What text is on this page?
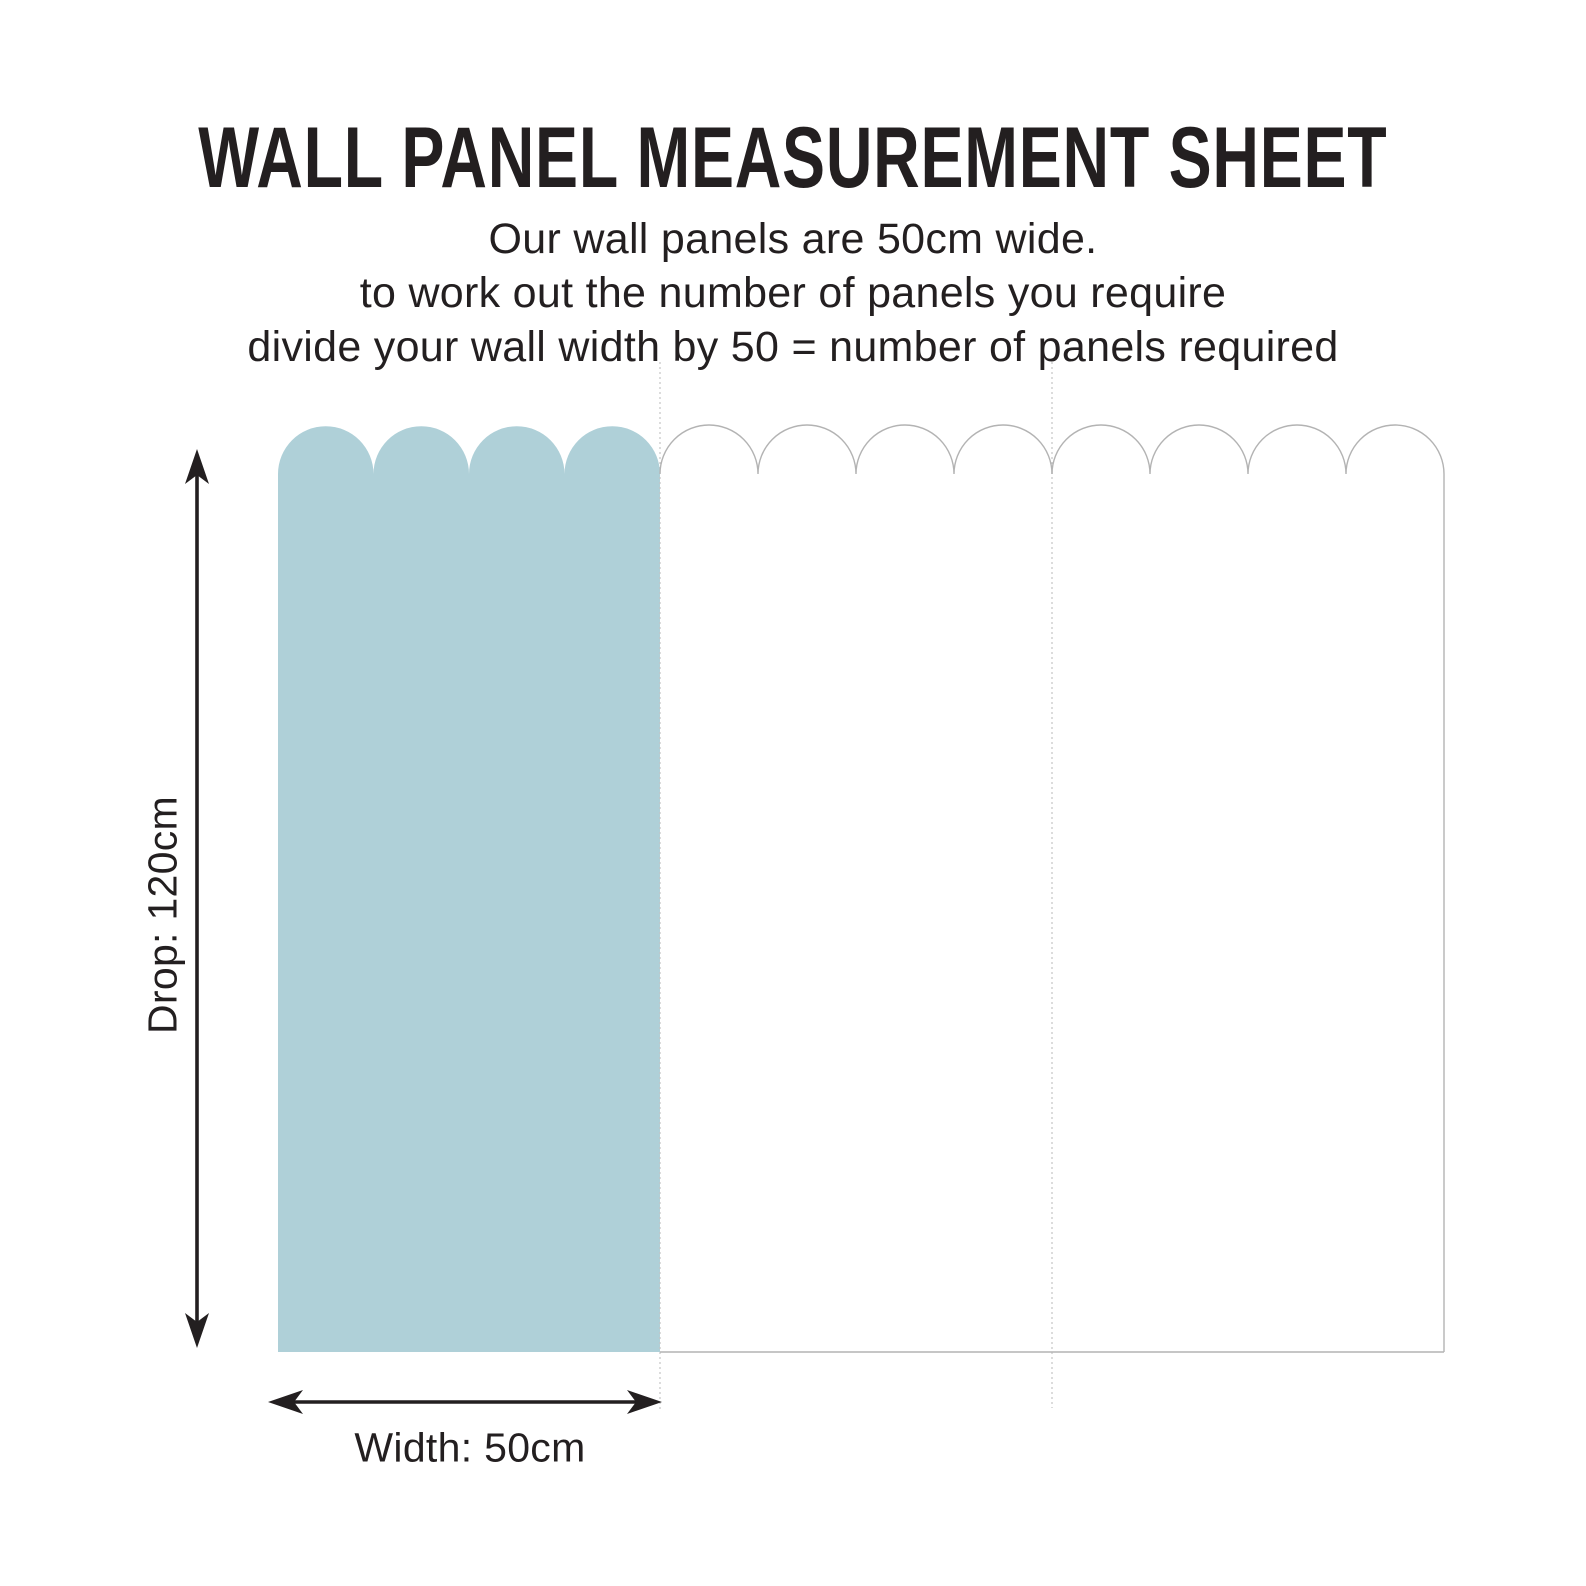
WALL PANEL MEASUREMENT SHEET
Our wall panels are 50cm wide.
to work out the number of panels you require
divide your wall width by 50 = number of panels required
Drop: 120cm
Width: 50cm
